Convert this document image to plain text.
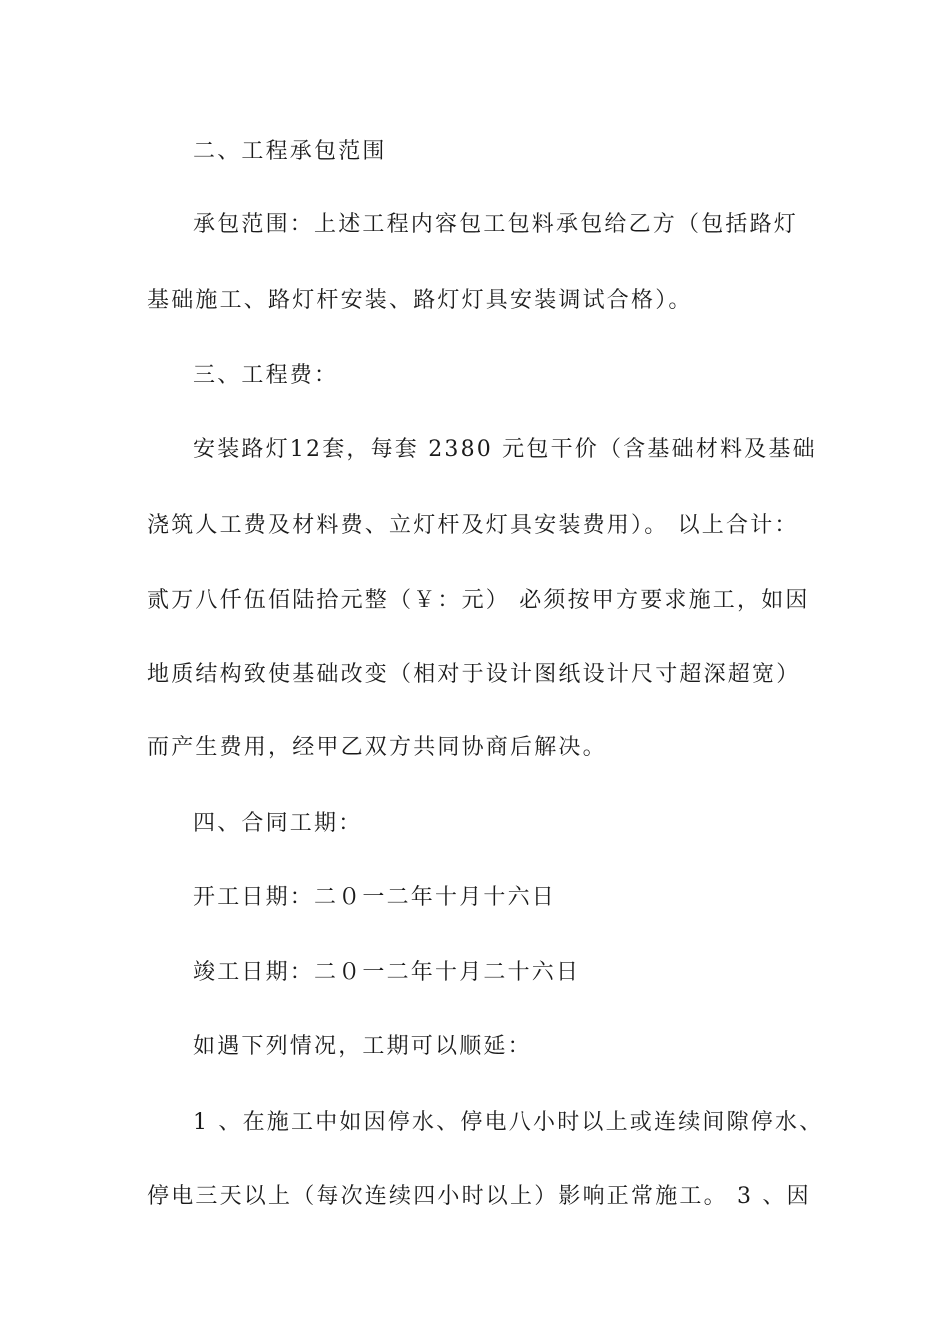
二、工程承包范围
承包范围：上述工程内容包工包料承包给乙方（包括路灯
基础施工、路灯杆安装、路灯灯具安装调试合格）。
三、工程费：
安装路灯12套，每套 2380 元包干价（含基础材料及基础
浇筑人工费及材料费、立灯杆及灯具安装费用）。 以上合计：
贰万八仟伍佰陆拾元整（￥：元） 必须按甲方要求施工，如因
地质结构致使基础改变（相对于设计图纸设计尺寸超深超宽）
而产生费用，经甲乙双方共同协商后解决。
四、合同工期：
开工日期：二０一二年十月十六日
竣工日期：二０一二年十月二十六日
如遇下列情况，工期可以顺延：
1 、在施工中如因停水、停电八小时以上或连续间隙停水、
停电三天以上（每次连续四小时以上）影响正常施工。 3 、因
